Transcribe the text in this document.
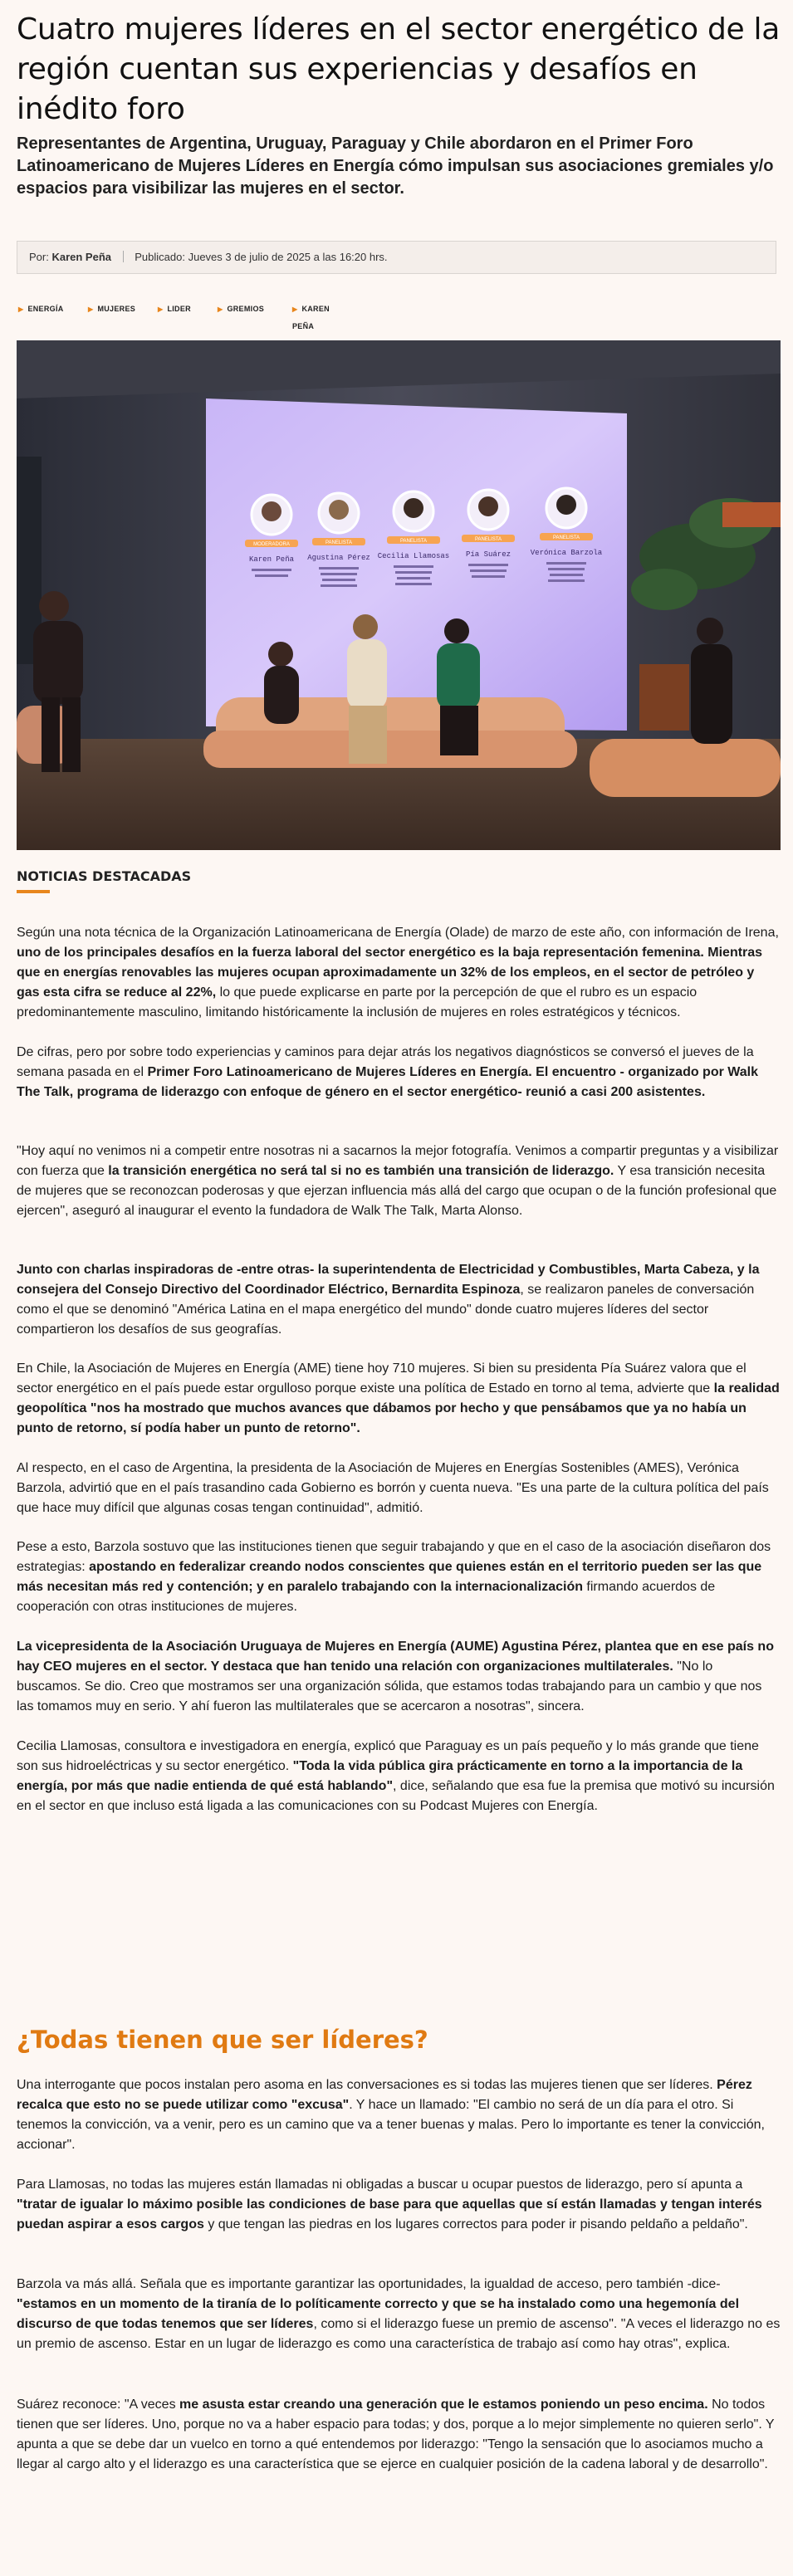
Cuatro mujeres líderes en el sector energético de la región cuentan sus experiencias y desafíos en inédito foro

Representantes de Argentina, Uruguay, Paraguay y Chile abordaron en el Primer Foro Latinoamericano de Mujeres Líderes en Energía cómo impulsan sus asociaciones gremiales y/o espacios para visibilizar las mujeres en el sector.

Por: Karen Peña Publicado: Jueves 3 de julio de 2025 a las 16:20 hrs.
▶ ENERGÍA	▶ MUJERES	▶ LIDER	▶ GREMIOS	▶ KAREN PEÑA
MODERADORA	PANELISTA	PANELISTA	PANELISTA	PANELISTA
Karen Peña Agustina Pérez Cecilia Llamosas Pía Suárez	Verónica Barzola
NOTICIAS DESTACADAS

Según una nota técnica de la Organización Latinoamericana de Energía (Olade) de marzo de este año, con información de Irena, uno de los principales desafíos en la fuerza laboral del sector energético es la baja representación femenina. Mientras que en energías renovables las mujeres ocupan aproximadamente un 32% de los empleos, en el sector de petróleo y gas esta cifra se reduce al 22%, lo que puede explicarse en parte por la percepción de que el rubro es un espacio predominantemente masculino, limitando históricamente la inclusión de mujeres en roles estratégicos y técnicos.

De cifras, pero por sobre todo experiencias y caminos para dejar atrás los negativos diagnósticos se conversó el jueves de la semana pasada en el Primer Foro Latinoamericano de Mujeres Líderes en Energía. El encuentro - organizado por Walk The Talk, programa de liderazgo con enfoque de género en el sector energético- reunió a casi 200 asistentes.

"Hoy aquí no venimos ni a competir entre nosotras ni a sacarnos la mejor fotografía. Venimos a compartir preguntas y a visibilizar con fuerza que la transición energética no será tal si no es también una transición de liderazgo. Y esa transición necesita de mujeres que se reconozcan poderosas y que ejerzan influencia más allá del cargo que ocupan o de la función profesional que ejercen", aseguró al inaugurar el evento la fundadora de Walk The Talk, Marta Alonso.

Junto con charlas inspiradoras de -entre otras- la superintendenta de Electricidad y Combustibles, Marta Cabeza, y la consejera del Consejo Directivo del Coordinador Eléctrico, Bernardita Espinoza, se realizaron paneles de conversación como el que se denominó "América Latina en el mapa energético del mundo" donde cuatro mujeres líderes del sector compartieron los desafíos de sus geografías.

En Chile, la Asociación de Mujeres en Energía (AME) tiene hoy 710 mujeres. Si bien su presidenta Pía Suárez valora que el sector energético en el país puede estar orgulloso porque existe una política de Estado en torno al tema, advierte que la realidad geopolítica "nos ha mostrado que muchos avances que dábamos por hecho y que pensábamos que ya no había un punto de retorno, sí podía haber un punto de retorno".

Al respecto, en el caso de Argentina, la presidenta de la Asociación de Mujeres en Energías Sostenibles (AMES), Verónica Barzola, advirtió que en el país trasandino cada Gobierno es borrón y cuenta nueva. "Es una parte de la cultura política del país que hace muy difícil que algunas cosas tengan continuidad", admitió.

Pese a esto, Barzola sostuvo que las instituciones tienen que seguir trabajando y que en el caso de la asociación diseñaron dos estrategias: apostando en federalizar creando nodos conscientes que quienes están en el territorio pueden ser las que más necesitan más red y contención; y en paralelo trabajando con la internacionalización firmando acuerdos de cooperación con otras instituciones de mujeres.

La vicepresidenta de la Asociación Uruguaya de Mujeres en Energía (AUME) Agustina Pérez, plantea que en ese país no hay CEO mujeres en el sector. Y destaca que han tenido una relación con organizaciones multilaterales. "No lo buscamos. Se dio. Creo que mostramos ser una organización sólida, que estamos todas trabajando para un cambio y que nos las tomamos muy en serio. Y ahí fueron las multilaterales que se acercaron a nosotras", sincera.

Cecilia Llamosas, consultora e investigadora en energía, explicó que Paraguay es un país pequeño y lo más grande que tiene son sus hidroeléctricas y su sector energético. "Toda la vida pública gira prácticamente en torno a la importancia de la energía, por más que nadie entienda de qué está hablando", dice, señalando que esa fue la premisa que motivó su incursión en el sector en que incluso está ligada a las comunicaciones con su Podcast Mujeres con Energía.

¿Todas tienen que ser líderes?

Una interrogante que pocos instalan pero asoma en las conversaciones es si todas las mujeres tienen que ser líderes. Pérez recalca que esto no se puede utilizar como "excusa". Y hace un llamado: "El cambio no será de un día para el otro. Si tenemos la convicción, va a venir, pero es un camino que va a tener buenas y malas. Pero lo importante es tener la convicción, accionar".

Para Llamosas, no todas las mujeres están llamadas ni obligadas a buscar u ocupar puestos de liderazgo, pero sí apunta a "tratar de igualar lo máximo posible las condiciones de base para que aquellas que sí están llamadas y tengan interés puedan aspirar a esos cargos y que tengan las piedras en los lugares correctos para poder ir pisando peldaño a peldaño".

Barzola va más allá. Señala que es importante garantizar las oportunidades, la igualdad de acceso, pero también -dice- "estamos en un momento de la tiranía de lo políticamente correcto y que se ha instalado como una hegemonía del discurso de que todas tenemos que ser líderes, como si el liderazgo fuese un premio de ascenso". "A veces el liderazgo no es un premio de ascenso. Estar en un lugar de liderazgo es como una característica de trabajo así como hay otras", explica.

Suárez reconoce: "A veces me asusta estar creando una generación que le estamos poniendo un peso encima. No todos tienen que ser líderes. Uno, porque no va a haber espacio para todas; y dos, porque a lo mejor simplemente no quieren serlo". Y apunta a que se debe dar un vuelco en torno a qué entendemos por liderazgo: "Tengo la sensación que lo asociamos mucho a llegar al cargo alto y el liderazgo es una característica que se ejerce en cualquier posición de la cadena laboral y de desarrollo".
